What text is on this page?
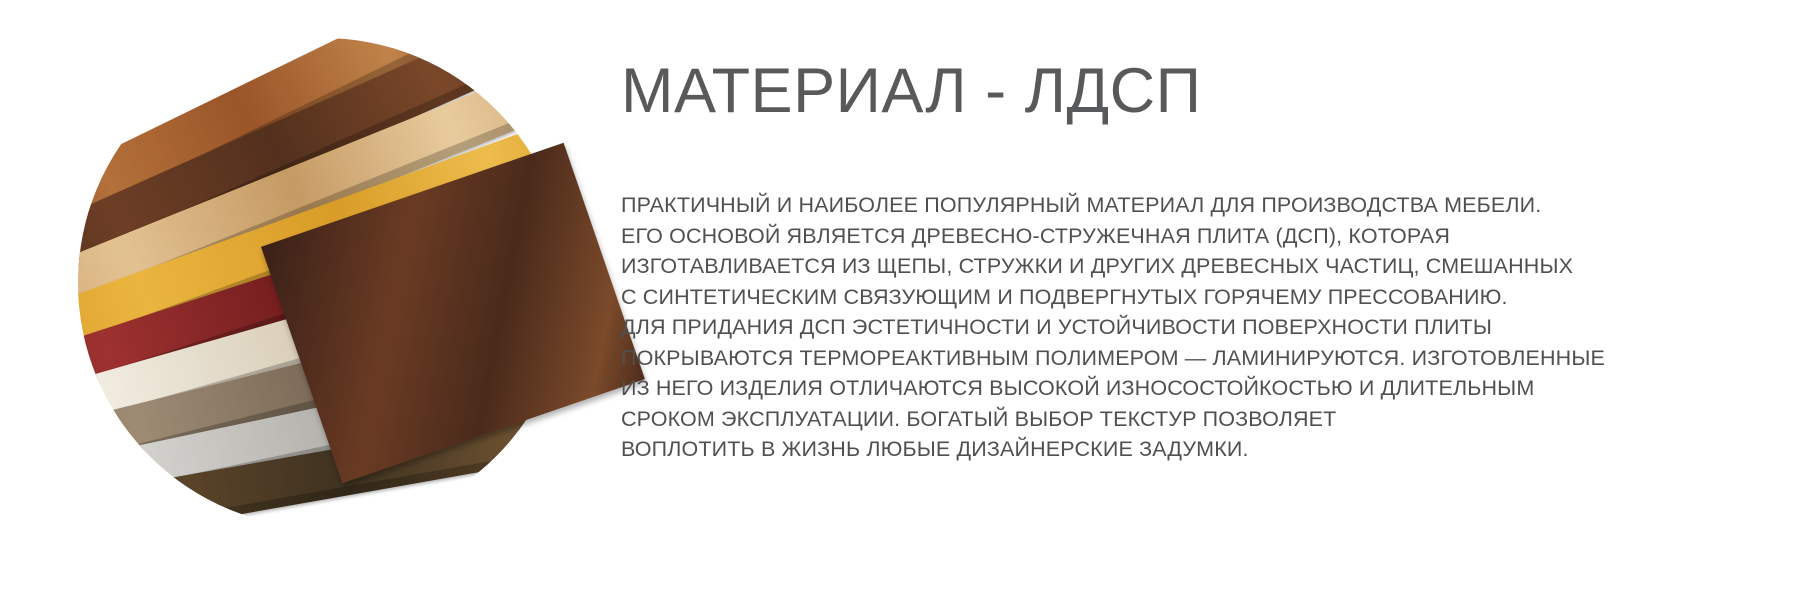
МАТЕРИАЛ - ЛДСП

ПРАКТИЧНЫЙ И НАИБОЛЕЕ ПОПУЛЯРНЫЙ МАТЕРИАЛ ДЛЯ ПРОИЗВОДСТВА МЕБЕЛИ.

ЕГО ОСНОВОЙ ЯВЛЯЕТСЯ ДРЕВЕСНО-СТРУЖЕЧНАЯ ПЛИТА (ДСП), КОТОРАЯ

ИЗГОТАВЛИВАЕТСЯ ИЗ ЩЕПЫ, СТРУЖКИ И ДРУГИХ ДРЕВЕСНЫХ ЧАСТИЦ, СМЕШАННЫХ

С СИНТЕТИЧЕСКИМ СВЯЗУЮЩИМ И ПОДВЕРГНУТЫХ ГОРЯЧЕМУ ПРЕССОВАНИЮ.

ДЛЯ ПРИДАНИЯ ДСП ЭСТЕТИЧНОСТИ И УСТОЙЧИВОСТИ ПОВЕРХНОСТИ ПЛИТЫ

ПОКРЫВАЮТСЯ ТЕРМОРЕАКТИВНЫМ ПОЛИМЕРОМ — ЛАМИНИРУЮТСЯ. ИЗГОТОВЛЕННЫЕ

ИЗ НЕГО ИЗДЕЛИЯ ОТЛИЧАЮТСЯ ВЫСОКОЙ ИЗНОСОСТОЙКОСТЬЮ И ДЛИТЕЛЬНЫМ

СРОКОМ ЭКСПЛУАТАЦИИ. БОГАТЫЙ ВЫБОР ТЕКСТУР ПОЗВОЛЯЕТ

ВОПЛОТИТЬ В ЖИЗНЬ ЛЮБЫЕ ДИЗАЙНЕРСКИЕ ЗАДУМКИ.
